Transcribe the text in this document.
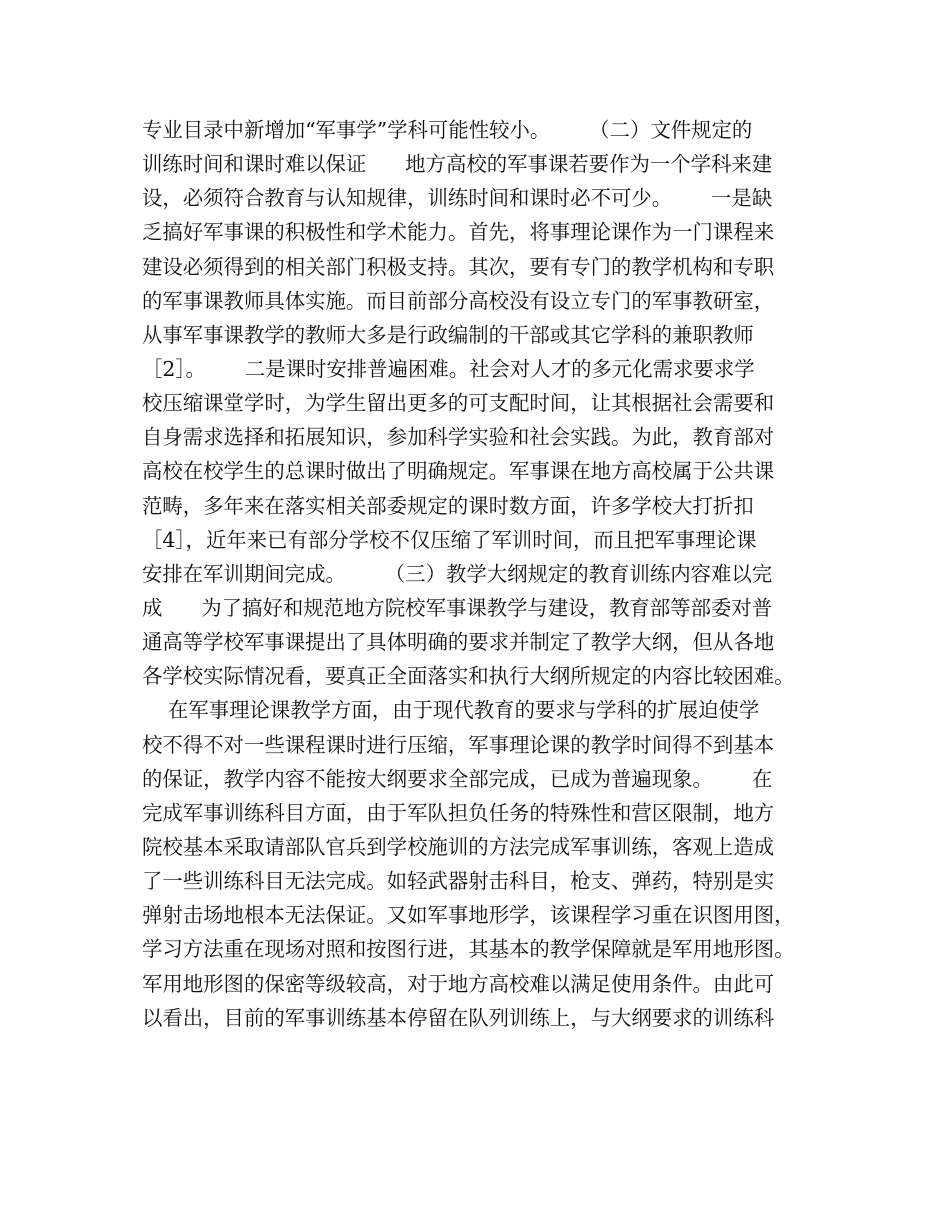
专业目录中新增加“军事学”学科可能性较小。      （二）文件规定的
训练时间和课时难以保证      地方高校的军事课若要作为一个学科来建
设，必须符合教育与认知规律，训练时间和课时必不可少。      一是缺
乏搞好军事课的积极性和学术能力。首先，将事理论课作为一门课程来
建设必须得到的相关部门积极支持。其次，要有专门的教学机构和专职
的军事课教师具体实施。而目前部分高校没有设立专门的军事教研室，
从事军事课教学的教师大多是行政编制的干部或其它学科的兼职教师
［2］。      二是课时安排普遍困难。社会对人才的多元化需求要求学
校压缩课堂学时，为学生留出更多的可支配时间，让其根据社会需要和
自身需求选择和拓展知识，参加科学实验和社会实践。为此，教育部对
高校在校学生的总课时做出了明确规定。军事课在地方高校属于公共课
范畴，多年来在落实相关部委规定的课时数方面，许多学校大打折扣
［4］，近年来已有部分学校不仅压缩了军训时间，而且把军事理论课
安排在军训期间完成。      （三）教学大纲规定的教育训练内容难以完
成      为了搞好和规范地方院校军事课教学与建设，教育部等部委对普
通高等学校军事课提出了具体明确的要求并制定了教学大纲，但从各地
各学校实际情况看，要真正全面落实和执行大纲所规定的内容比较困难。
在军事理论课教学方面，由于现代教育的要求与学科的扩展迫使学
校不得不对一些课程课时进行压缩，军事理论课的教学时间得不到基本
的保证，教学内容不能按大纲要求全部完成，已成为普遍现象。      在
完成军事训练科目方面，由于军队担负任务的特殊性和营区限制，地方
院校基本采取请部队官兵到学校施训的方法完成军事训练，客观上造成
了一些训练科目无法完成。如轻武器射击科目，枪支、弹药，特别是实
弹射击场地根本无法保证。又如军事地形学，该课程学习重在识图用图，
学习方法重在现场对照和按图行进，其基本的教学保障就是军用地形图。
军用地形图的保密等级较高，对于地方高校难以满足使用条件。由此可
以看出，目前的军事训练基本停留在队列训练上，与大纲要求的训练科
